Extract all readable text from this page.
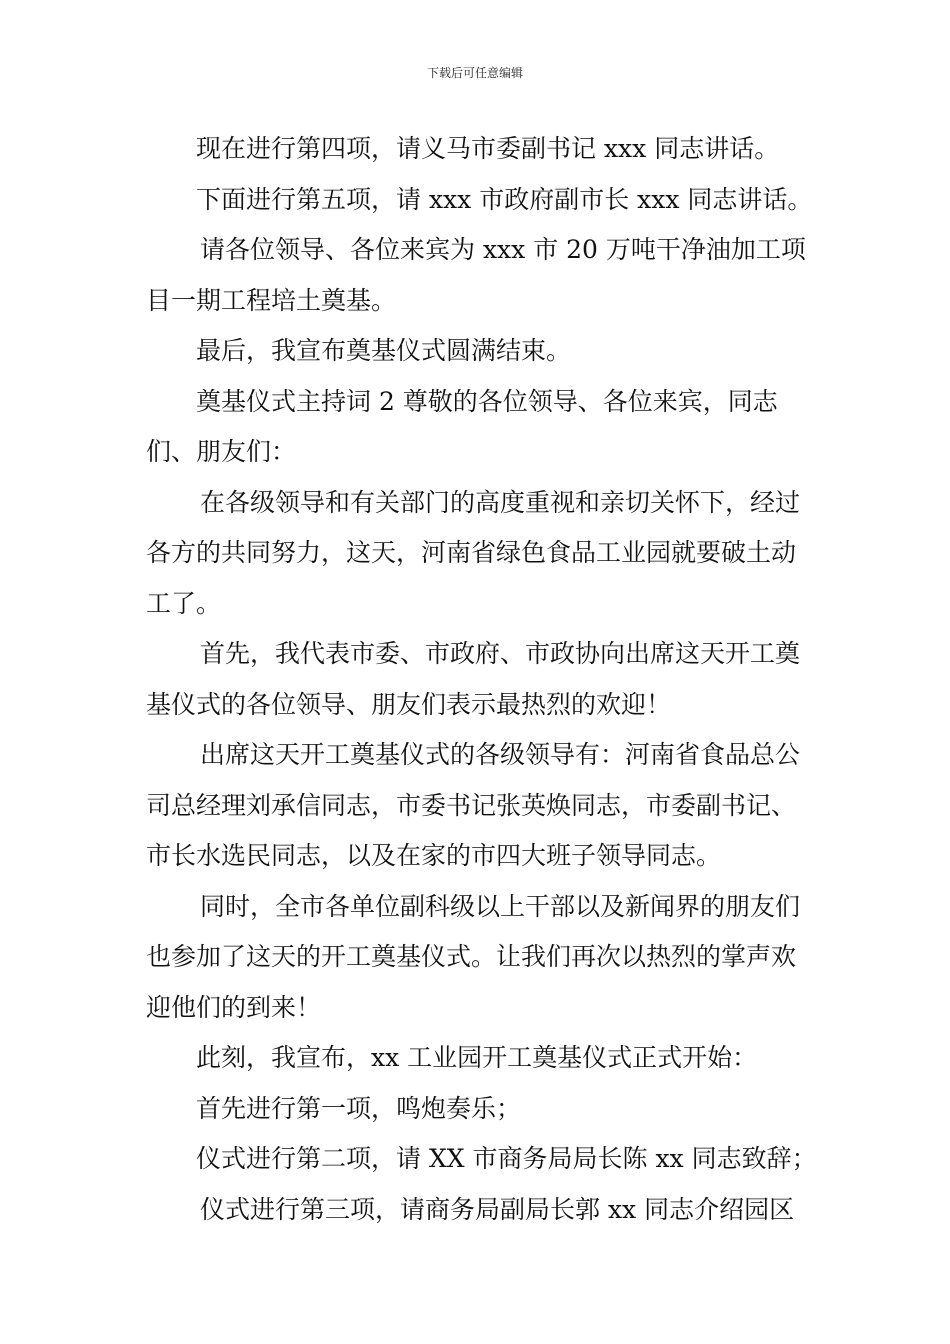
下载后可任意编辑

现在进行第四项，请义马市委副书记 xxx 同志讲话。

下面进行第五项，请 xxx 市政府副市长 xxx 同志讲话。

请各位领导、各位来宾为 xxx 市 20 万吨干净油加工项目一期工程培土奠基。

最后，我宣布奠基仪式圆满结束。

奠基仪式主持词 2 尊敬的各位领导、各位来宾，同志们、朋友们：

在各级领导和有关部门的高度重视和亲切关怀下，经过各方的共同努力，这天，河南省绿色食品工业园就要破土动工了。

首先，我代表市委、市政府、市政协向出席这天开工奠基仪式的各位领导、朋友们表示最热烈的欢迎！

出席这天开工奠基仪式的各级领导有：河南省食品总公司总经理刘承信同志，市委书记张英焕同志，市委副书记、市长水选民同志，以及在家的市四大班子领导同志。

同时，全市各单位副科级以上干部以及新闻界的朋友们也参加了这天的开工奠基仪式。让我们再次以热烈的掌声欢迎他们的到来！

此刻，我宣布，xx 工业园开工奠基仪式正式开始：

首先进行第一项，鸣炮奏乐；

仪式进行第二项，请 XX 市商务局局长陈 xx 同志致辞；

仪式进行第三项，请商务局副局长郭 xx 同志介绍园区
